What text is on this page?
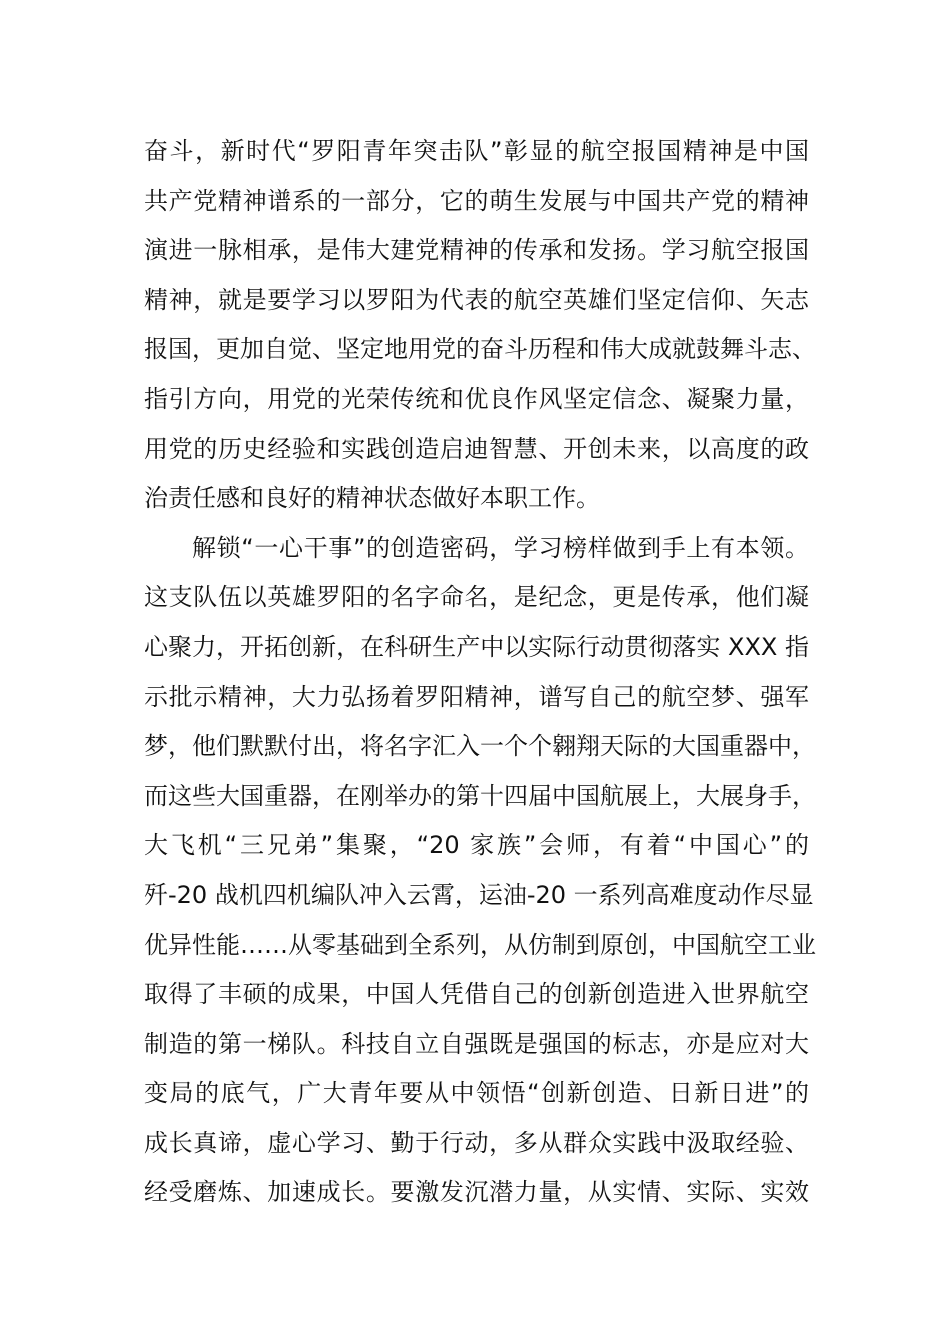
奋斗，新时代“罗阳青年突击队”彰显的航空报国精神是中国
共产党精神谱系的一部分，它的萌生发展与中国共产党的精神
演进一脉相承，是伟大建党精神的传承和发扬。学习航空报国
精神，就是要学习以罗阳为代表的航空英雄们坚定信仰、矢志
报国，更加自觉、坚定地用党的奋斗历程和伟大成就鼓舞斗志、
指引方向，用党的光荣传统和优良作风坚定信念、凝聚力量，
用党的历史经验和实践创造启迪智慧、开创未来，以高度的政
治责任感和良好的精神状态做好本职工作。
解锁“一心干事”的创造密码，学习榜样做到手上有本领。
这支队伍以英雄罗阳的名字命名，是纪念，更是传承，他们凝
心聚力，开拓创新，在科研生产中以实际行动贯彻落实 XXX 指
示批示精神，大力弘扬着罗阳精神，谱写自己的航空梦、强军
梦，他们默默付出，将名字汇入一个个翱翔天际的大国重器中，
而这些大国重器，在刚举办的第十四届中国航展上，大展身手，
大飞机“三兄弟”集聚，“20 家族”会师，有着“中国心”的
歼-20 战机四机编队冲入云霄，运油-20 一系列高难度动作尽显
优异性能……从零基础到全系列，从仿制到原创，中国航空工业
取得了丰硕的成果，中国人凭借自己的创新创造进入世界航空
制造的第一梯队。科技自立自强既是强国的标志，亦是应对大
变局的底气，广大青年要从中领悟“创新创造、日新日进”的
成长真谛，虚心学习、勤于行动，多从群众实践中汲取经验、
经受磨炼、加速成长。要激发沉潜力量，从实情、实际、实效
